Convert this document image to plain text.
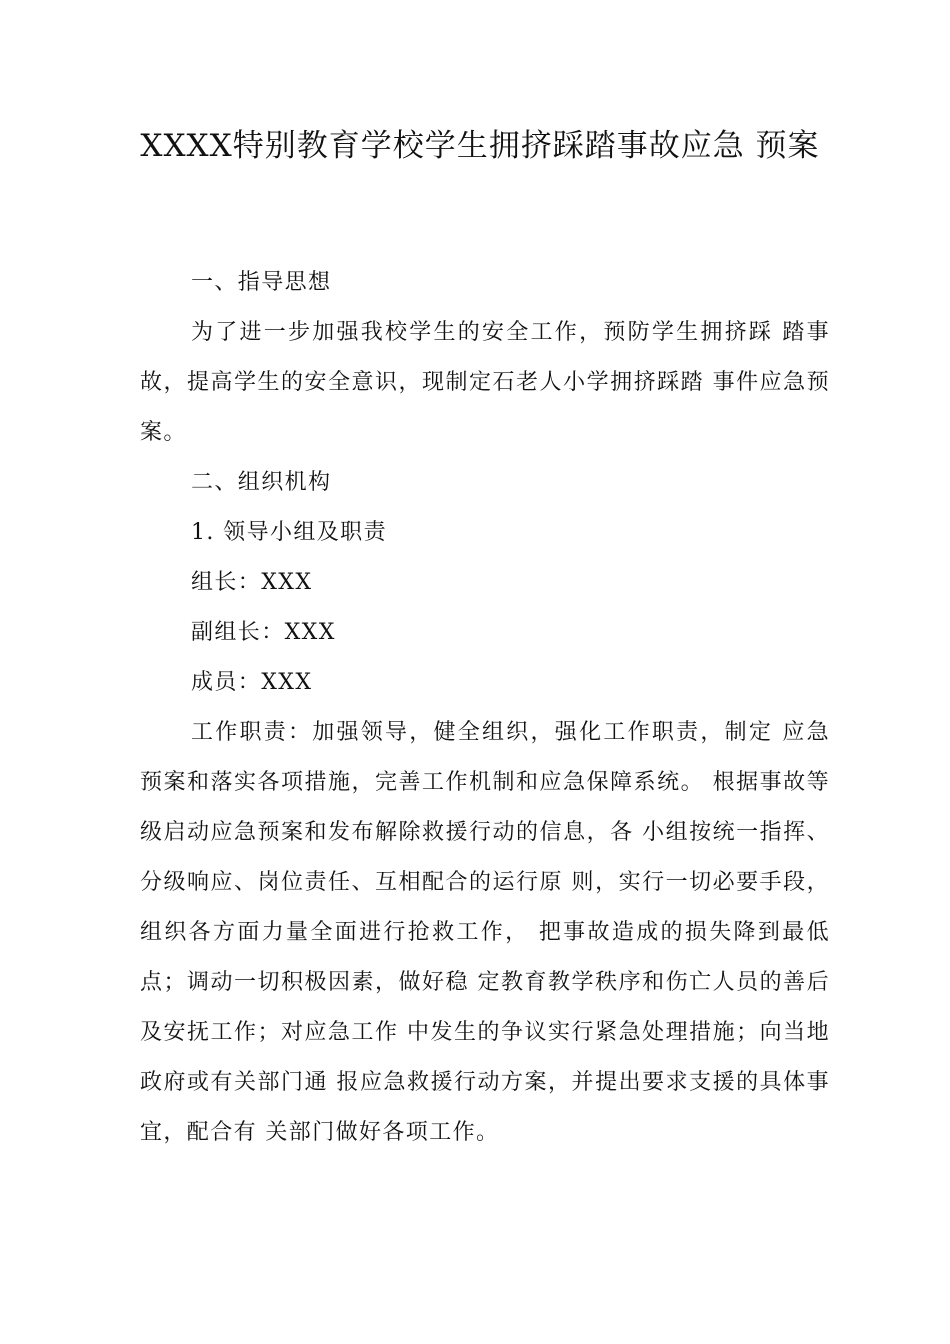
XXXX特别教育学校学生拥挤踩踏事故应急 预案

一、指导思想

为了进一步加强我校学生的安全工作，预防学生拥挤踩 踏事故，提高学生的安全意识，现制定石老人小学拥挤踩踏 事件应急预案。

二、组织机构

1. 领导小组及职责

组长：XXX

副组长：XXX

成员：XXX

工作职责：加强领导，健全组织，强化工作职责，制定 应急预案和落实各项措施，完善工作机制和应急保障系统。 根据事故等级启动应急预案和发布解除救援行动的信息，各 小组按统一指挥、分级响应、岗位责任、互相配合的运行原 则，实行一切必要手段，组织各方面力量全面进行抢救工作， 把事故造成的损失降到最低点；调动一切积极因素，做好稳 定教育教学秩序和伤亡人员的善后及安抚工作；对应急工作 中发生的争议实行紧急处理措施；向当地政府或有关部门通 报应急救援行动方案，并提出要求支援的具体事宜，配合有 关部门做好各项工作。
